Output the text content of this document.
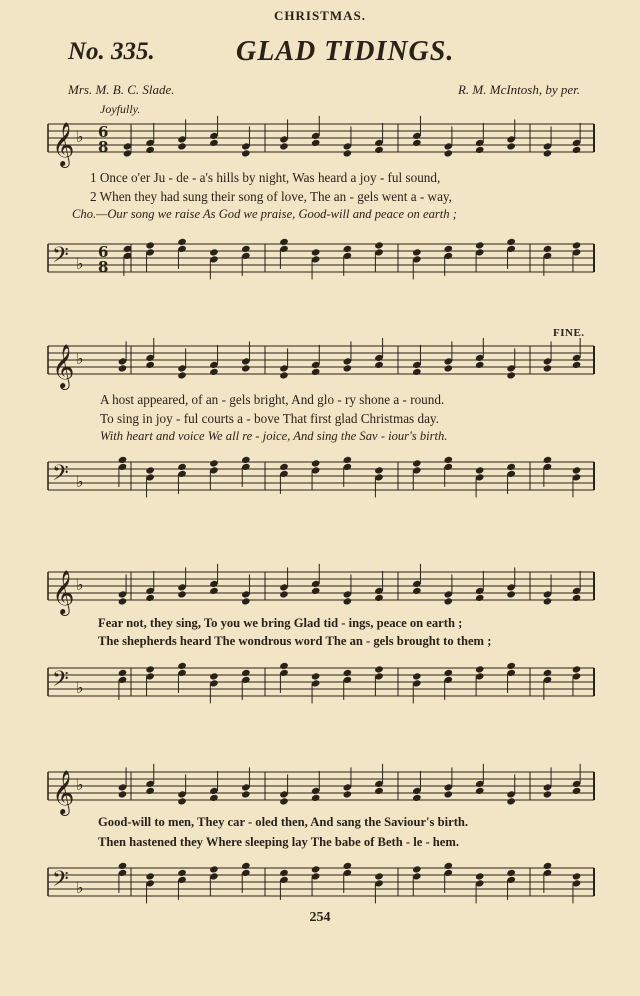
CHRISTMAS.
No. 335.	GLAD TIDINGS.
Mrs. M. B. C. Slade.	R. M. McIntosh, by per.
Joyfully.
FINE.
𝄞 ♭ 6
8
1 Once o'er Ju - de - a's hills by night, Was heard a joy - ful sound,
2 When they had sung their song of love, The an - gels went a - way,
Cho.—Our song we raise As God we praise, Good-will and peace on earth ;
𝄢 ♭
6
8
𝄞 ♭
A host appeared, of an - gels bright, And glo - ry shone a - round.
To sing in joy - ful courts a - bove That first glad Christmas day.
With heart and voice We all re - joice, And sing the Sav - iour's birth.
𝄢 ♭
𝄞 ♭
Fear not, they sing, To you we bring Glad tid - ings, peace on earth ;
The shepherds heard The wondrous word The an - gels brought to them ;
𝄢 ♭
𝄞 ♭
Good-will to men, They car - oled then, And sang the Saviour's birth.
Then hastened they Where sleeping lay The babe of Beth - le - hem.
𝄢 ♭
254
